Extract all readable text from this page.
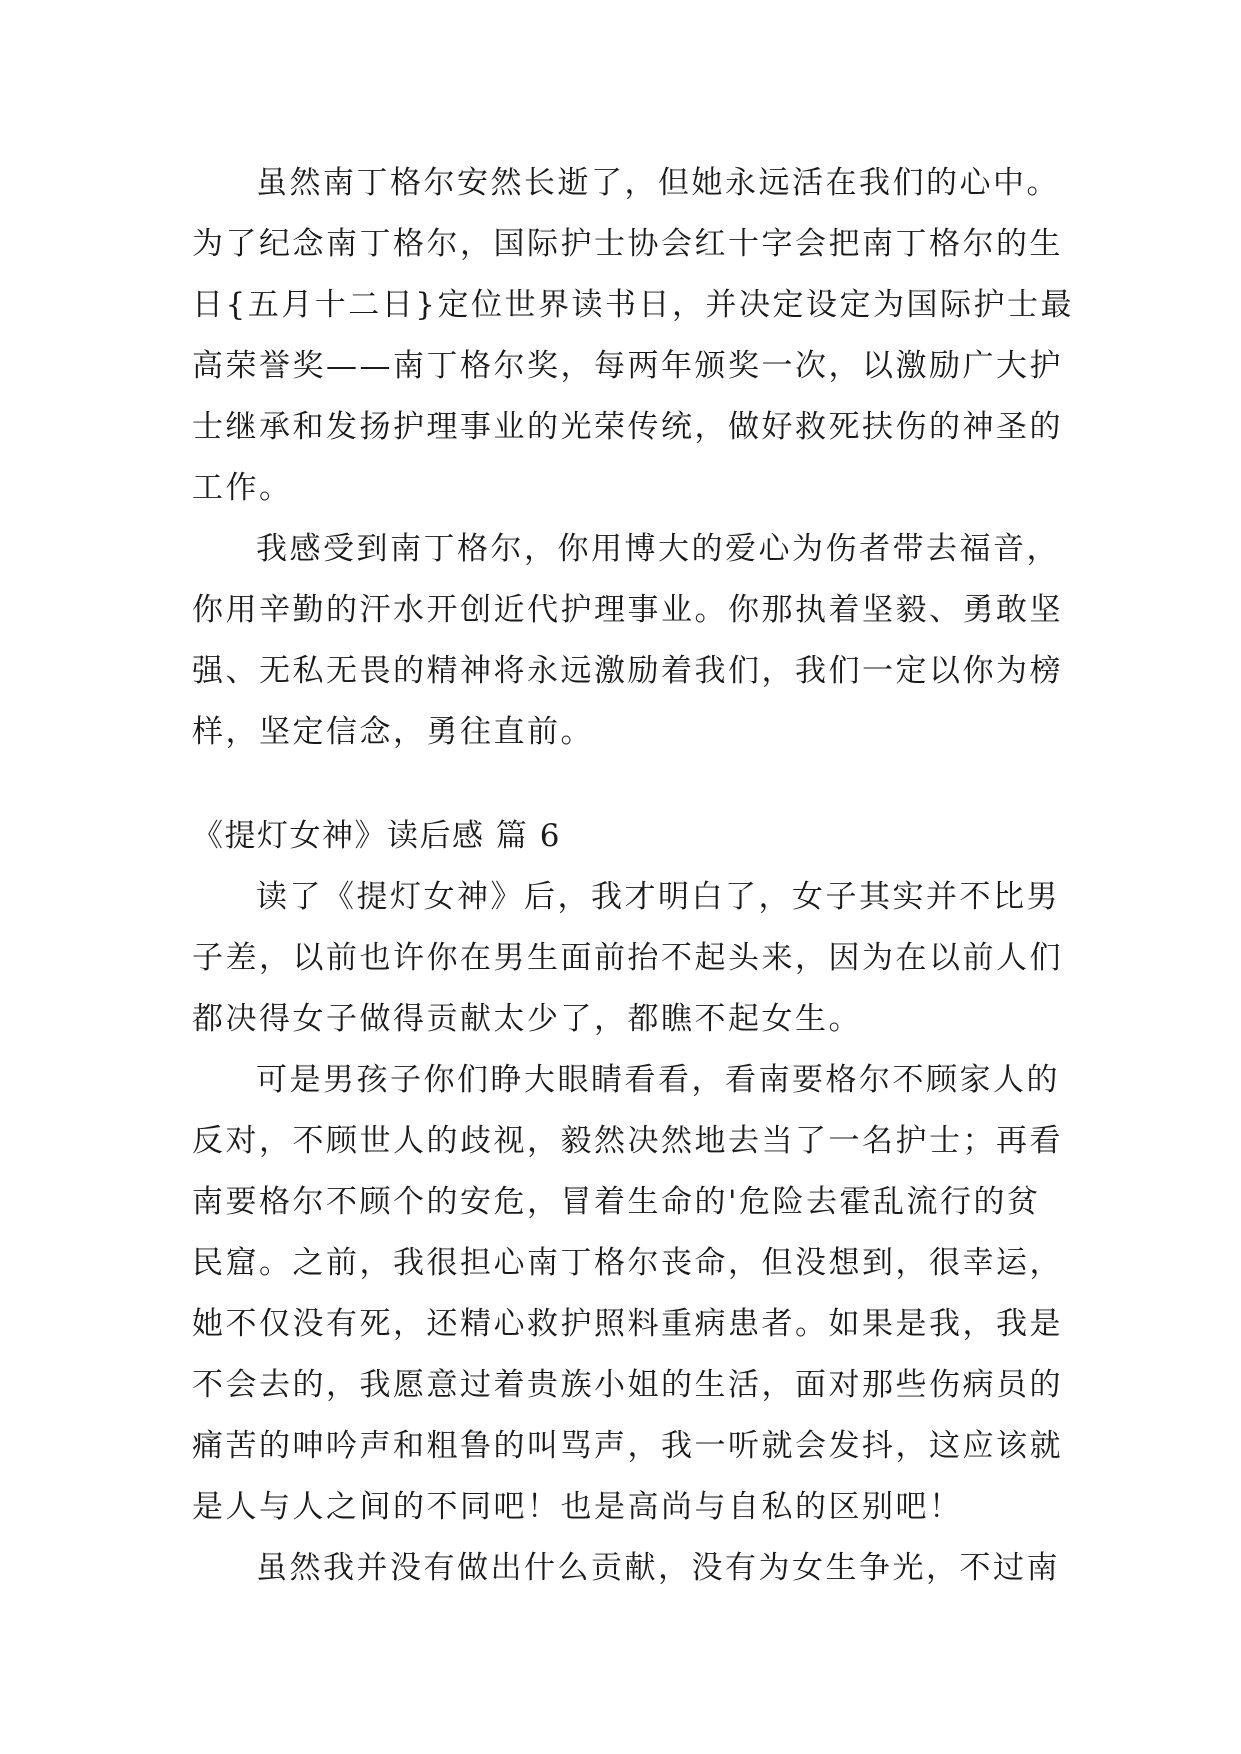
虽然南丁格尔安然长逝了，但她永远活在我们的心中。

为了纪念南丁格尔，国际护士协会红十字会把南丁格尔的生

日{五月十二日}定位世界读书日，并决定设定为国际护士最

高荣誉奖——南丁格尔奖，每两年颁奖一次，以激励广大护

士继承和发扬护理事业的光荣传统，做好救死扶伤的神圣的

工作。

我感受到南丁格尔，你用博大的爱心为伤者带去福音，

你用辛勤的汗水开创近代护理事业。你那执着坚毅、勇敢坚

强、无私无畏的精神将永远激励着我们，我们一定以你为榜

样，坚定信念，勇往直前。

《提灯女神》读后感 篇 6

读了《提灯女神》后，我才明白了，女子其实并不比男

子差，以前也许你在男生面前抬不起头来，因为在以前人们

都决得女子做得贡献太少了，都瞧不起女生。

可是男孩子你们睁大眼睛看看，看南要格尔不顾家人的

反对，不顾世人的歧视，毅然决然地去当了一名护士；再看

南要格尔不顾个的安危，冒着生命的'危险去霍乱流行的贫

民窟。之前，我很担心南丁格尔丧命，但没想到，很幸运，

她不仅没有死，还精心救护照料重病患者。如果是我，我是

不会去的，我愿意过着贵族小姐的生活，面对那些伤病员的

痛苦的呻吟声和粗鲁的叫骂声，我一听就会发抖，这应该就

是人与人之间的不同吧！也是高尚与自私的区别吧！

虽然我并没有做出什么贡献，没有为女生争光，不过南
